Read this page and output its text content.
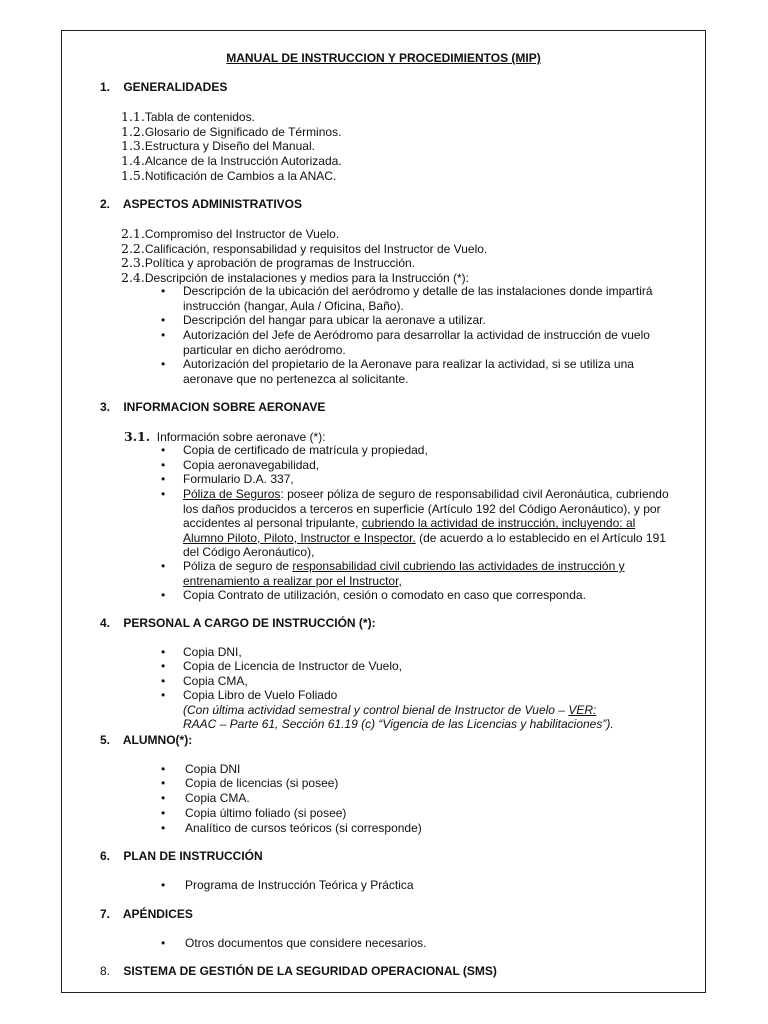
MANUAL DE INSTRUCCION Y PROCEDIMIENTOS (MIP)
1. GENERALIDADES
1.1.Tabla de contenidos.
1.2.Glosario de Significado de Términos.
1.3.Estructura y Diseño del Manual.
1.4.Alcance de la Instrucción Autorizada.
1.5.Notificación de Cambios a la ANAC.
2. ASPECTOS ADMINISTRATIVOS
2.1.Compromiso del Instructor de Vuelo.
2.2.Calificación, responsabilidad y requisitos del Instructor de Vuelo.
2.3.Política y aprobación de programas de Instrucción.
2.4.Descripción de instalaciones y medios para la Instrucción (*):
• Descripción de la ubicación del aeródromo y detalle de las instalaciones donde impartirá
instrucción (hangar, Aula / Oficina, Baño).
• Descripción del hangar para ubicar la aeronave a utilizar.
• Autorización del Jefe de Aeródromo para desarrollar la actividad de instrucción de vuelo
particular en dicho aeródromo.
• Autorización del propietario de la Aeronave para realizar la actividad, si se utiliza una
aeronave que no pertenezca al solicitante.
3. INFORMACION SOBRE AERONAVE
3.1. Información sobre aeronave (*):
• Copia de certificado de matrícula y propiedad,
• Copia aeronavegabilidad,
• Formulario D.A. 337,
• Póliza de Seguros: poseer póliza de seguro de responsabilidad civil Aeronáutica, cubriendo
los daños producidos a terceros en superficie (Artículo 192 del Código Aeronáutico), y por
accidentes al personal tripulante, cubriendo la actividad de instrucción, incluyendo: al
Alumno Piloto, Piloto, Instructor e Inspector. (de acuerdo a lo establecido en el Artículo 191
del Código Aeronáutico),
• Póliza de seguro de responsabilidad civil cubriendo las actividades de instrucción y
entrenamiento a realizar por el Instructor,
• Copia Contrato de utilización, cesión o comodato en caso que corresponda.
4. PERSONAL A CARGO DE INSTRUCCIÓN (*):
• Copia DNI,
• Copia de Licencia de Instructor de Vuelo,
• Copia CMA,
• Copia Libro de Vuelo Foliado
(Con última actividad semestral y control bienal de Instructor de Vuelo – VER:
RAAC – Parte 61, Sección 61.19 (c) “Vigencia de las Licencias y habilitaciones”).
5. ALUMNO(*):
• Copia DNI
• Copia de licencias (si posee)
• Copia CMA.
• Copia último foliado (si posee)
• Analítico de cursos teóricos (si corresponde)
6. PLAN DE INSTRUCCIÓN
• Programa de Instrucción Teórica y Práctica
7. APÉNDICES
• Otros documentos que considere necesarios.
8. SISTEMA DE GESTIÓN DE LA SEGURIDAD OPERACIONAL (SMS)
